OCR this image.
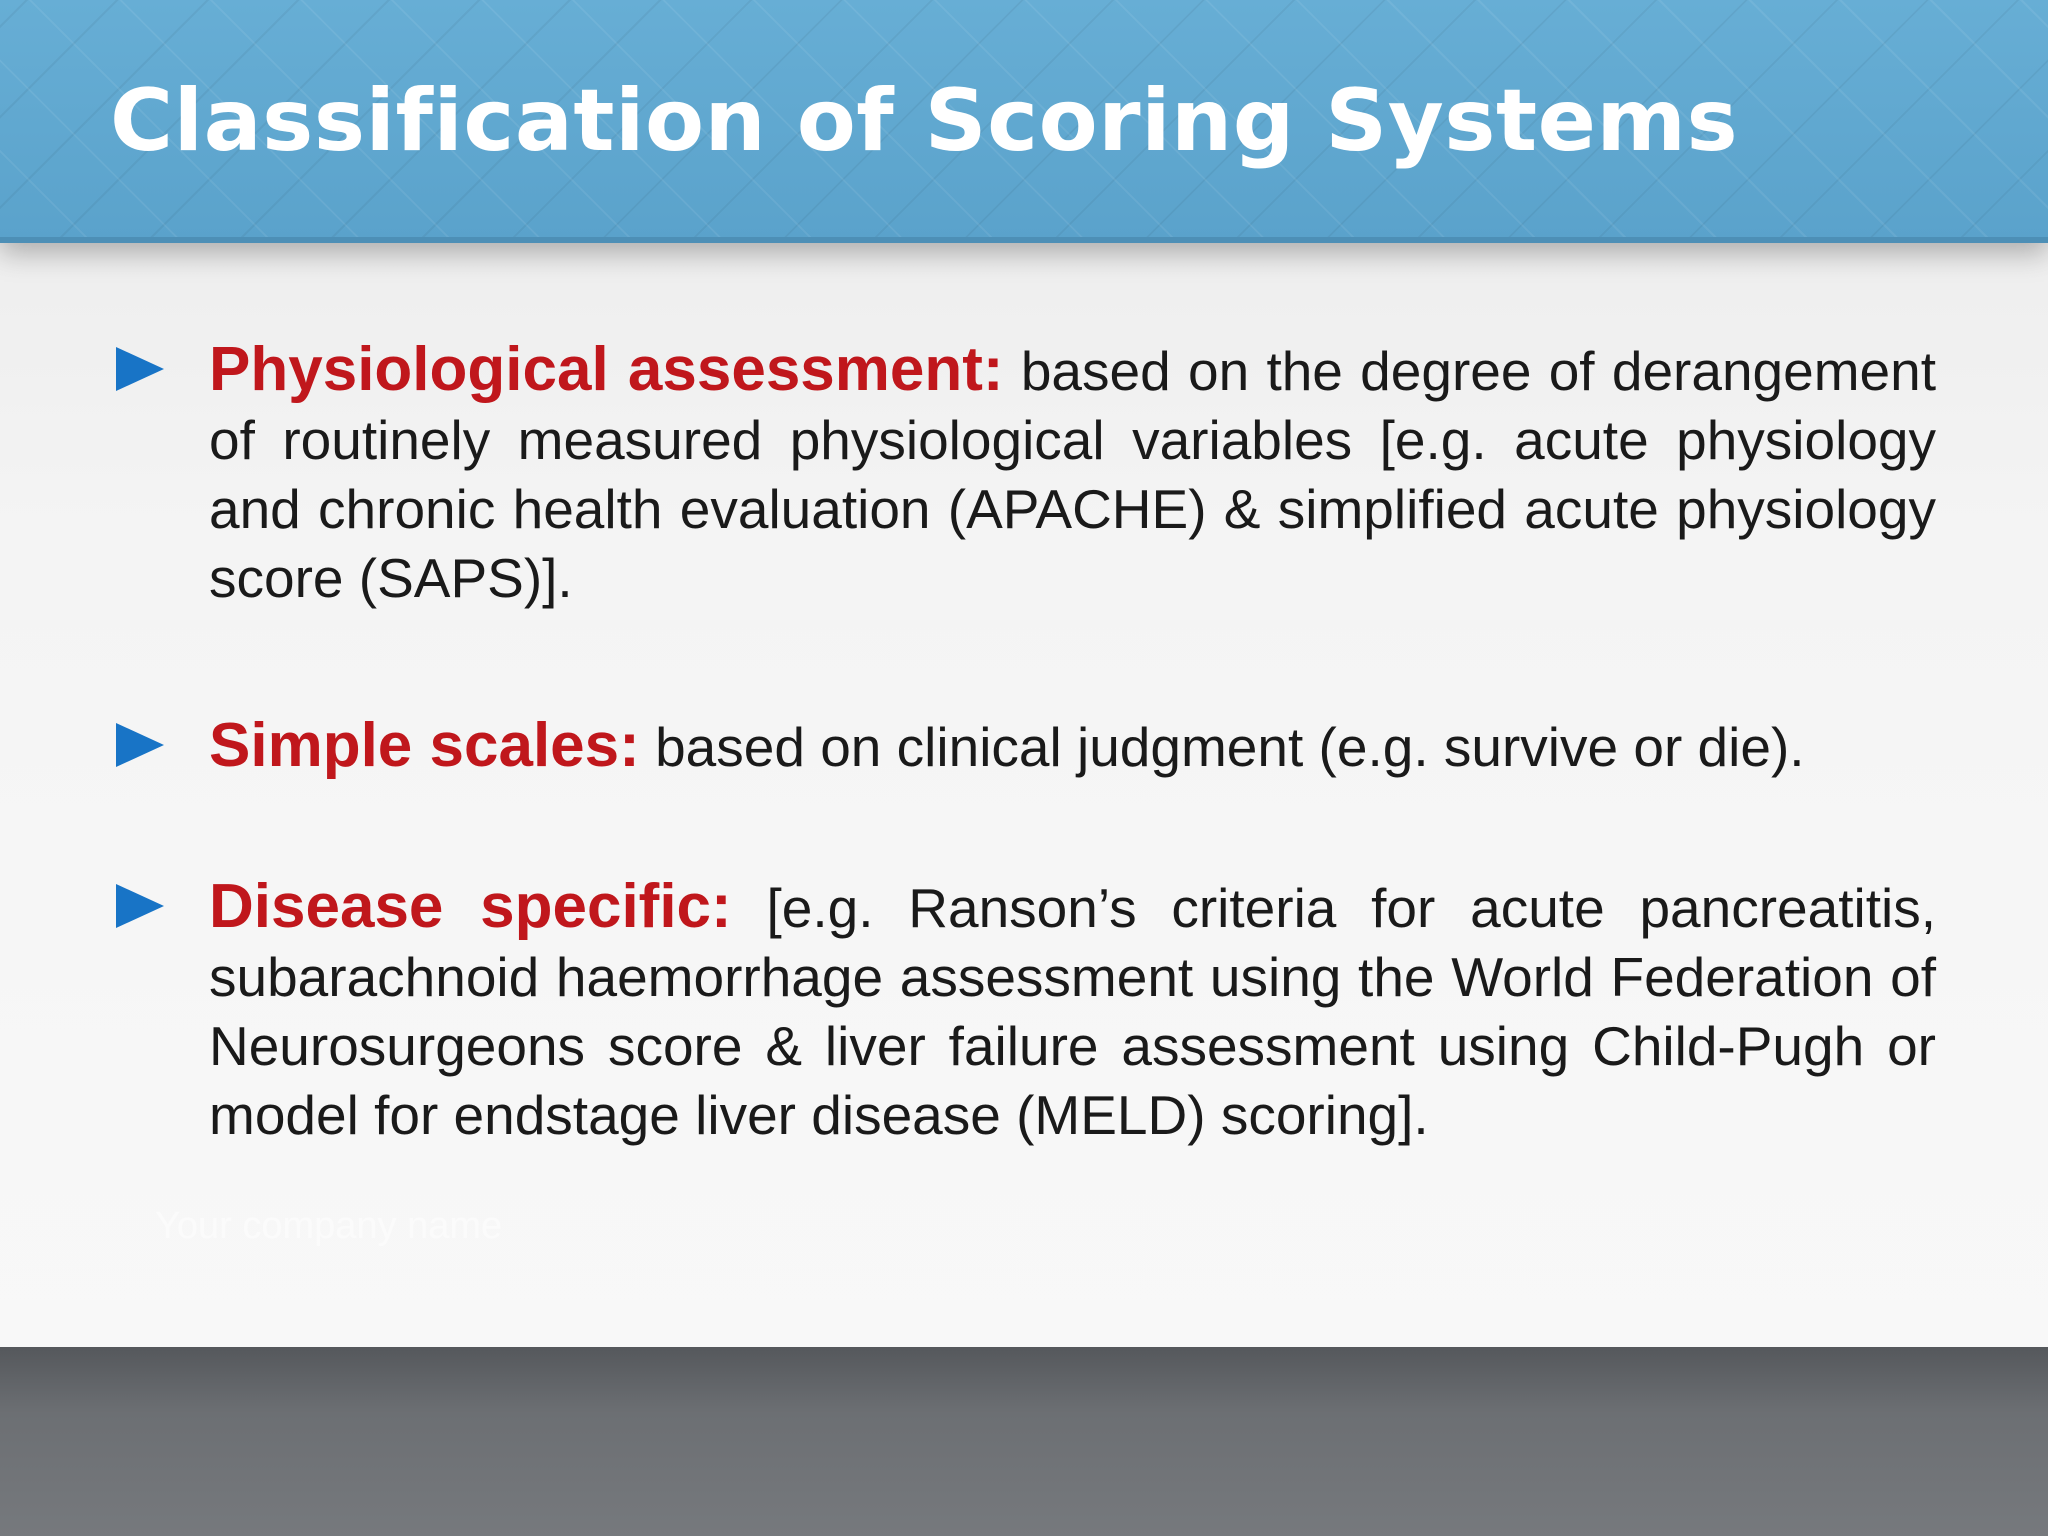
Classification of Scoring Systems

Physiological assessment: based on the degree of derangement of routinely measured physiological variables [e.g. acute physiology and chronic health evaluation (APACHE) & simplified acute physiology score (SAPS)].

Simple scales: based on clinical judgment (e.g. survive or die).

Disease specific: [e.g. Ranson’s criteria for acute pancreatitis, subarachnoid haemorrhage assessment using the World Federation of Neurosurgeons score & liver failure assessment using Child-Pugh or model for endstage liver disease (MELD) scoring].

Your company name
